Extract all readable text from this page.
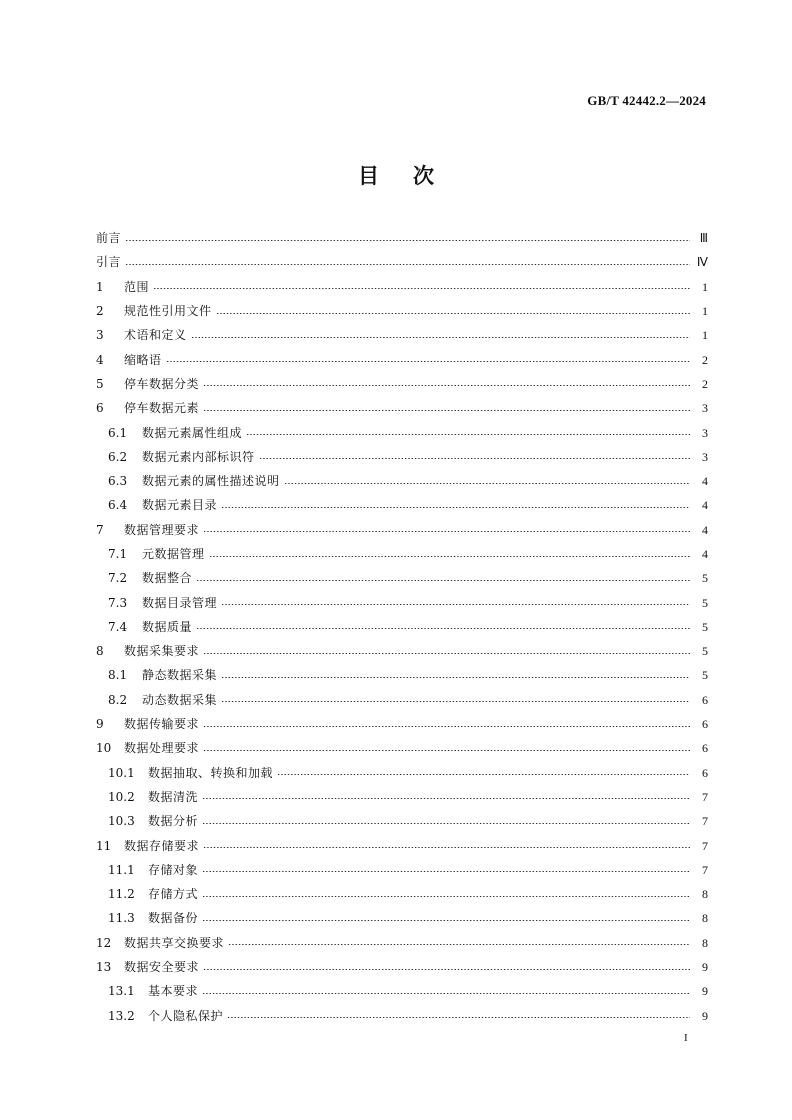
GB/T 42442.2—2024
目 次
前言	Ⅲ
引言	Ⅳ
1	范围	1
2	规范性引用文件	1
3	术语和定义	1
4	缩略语	2
5	停车数据分类	2
6	停车数据元素	3
6.1	数据元素属性组成	3
6.2	数据元素内部标识符	3
6.3	数据元素的属性描述说明	4
6.4	数据元素目录	4
7	数据管理要求	4
7.1	元数据管理	4
7.2	数据整合	5
7.3	数据目录管理	5
7.4	数据质量	5
8	数据采集要求	5
8.1	静态数据采集	5
8.2	动态数据采集	6
9	数据传输要求	6
10	数据处理要求	6
10.1	数据抽取、转换和加载	6
10.2	数据清洗	7
10.3	数据分析	7
11	数据存储要求	7
11.1	存储对象	7
11.2	存储方式	8
11.3	数据备份	8
12	数据共享交换要求	8
13	数据安全要求	9
13.1	基本要求	9
13.2	个人隐私保护	9
I
